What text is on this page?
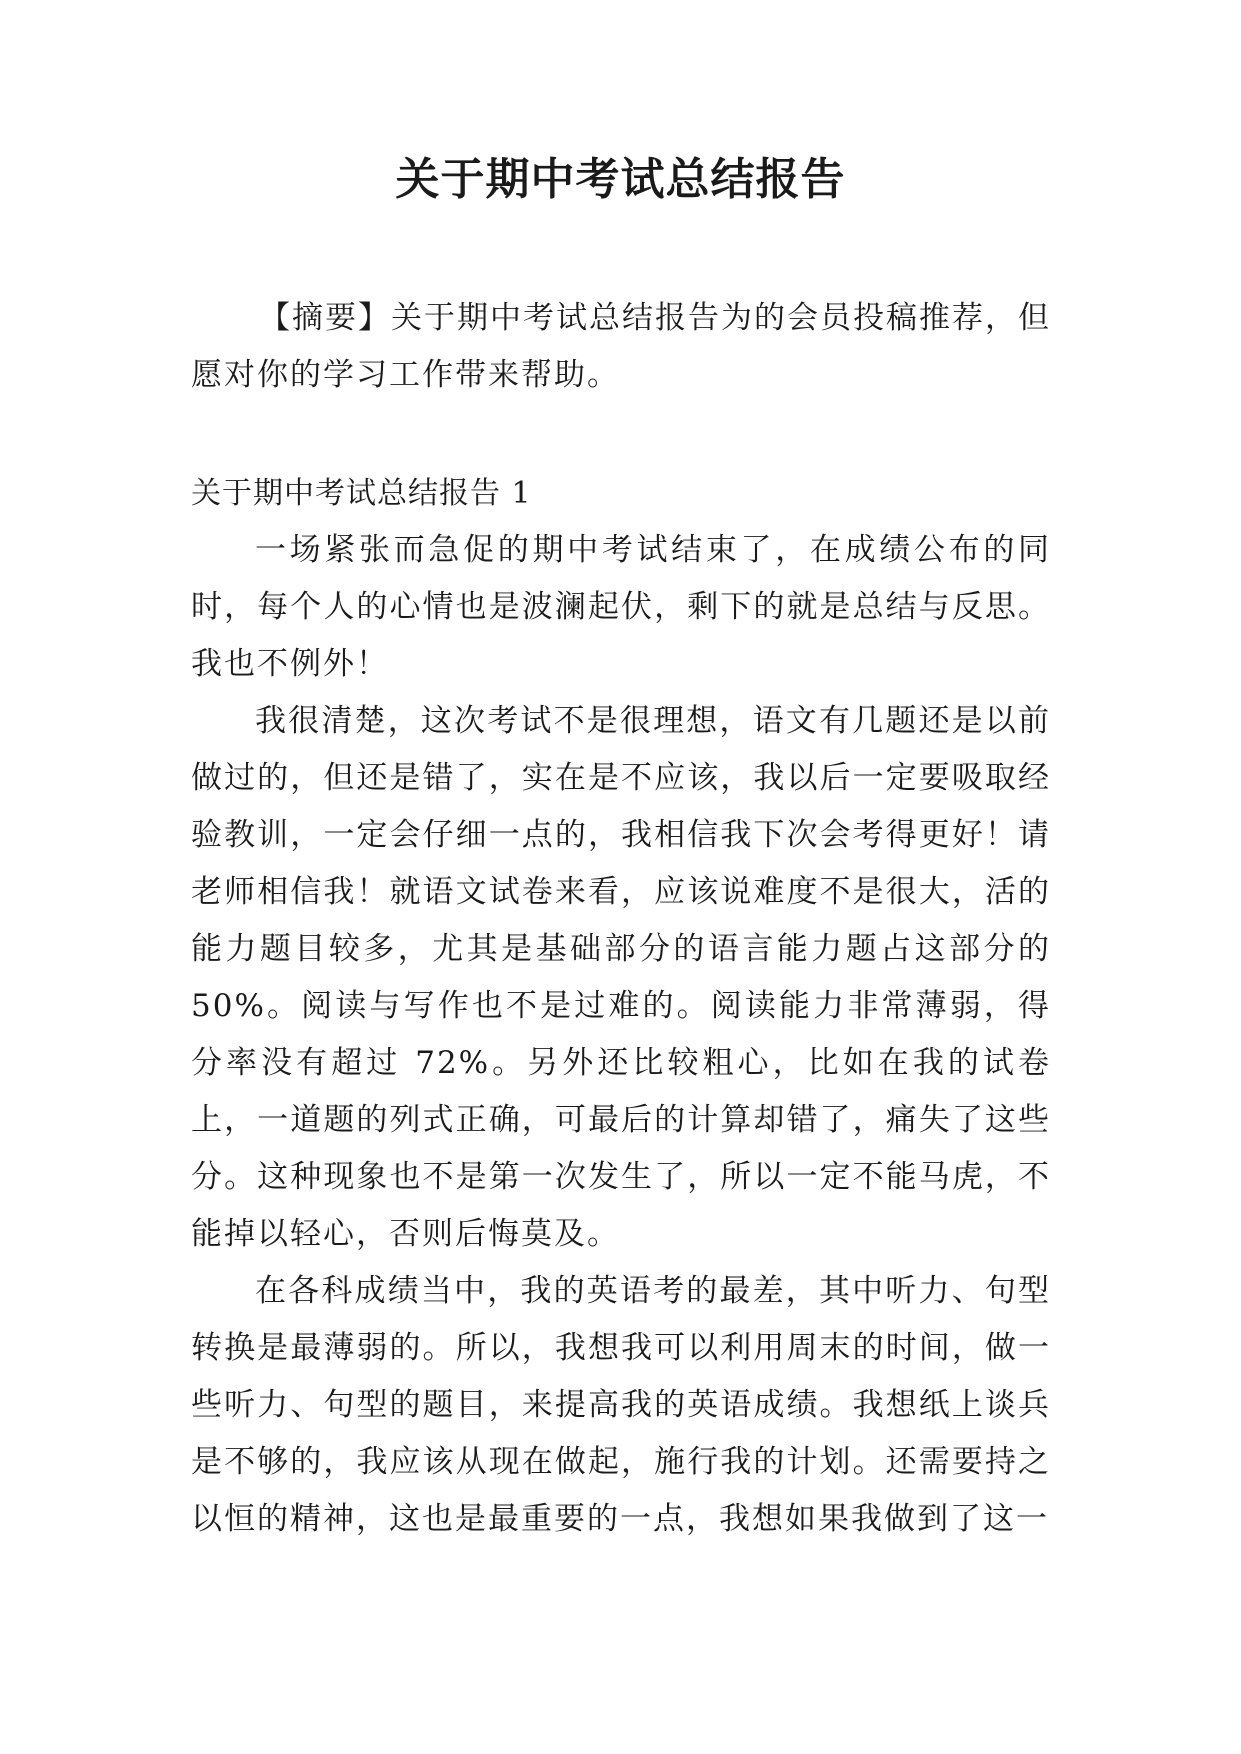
关于期中考试总结报告

【摘要】关于期中考试总结报告为的会员投稿推荐，但愿对你的学习工作带来帮助。

关于期中考试总结报告 1

一场紧张而急促的期中考试结束了，在成绩公布的同时，每个人的心情也是波澜起伏，剩下的就是总结与反思。我也不例外！

我很清楚，这次考试不是很理想，语文有几题还是以前做过的，但还是错了，实在是不应该，我以后一定要吸取经验教训，一定会仔细一点的，我相信我下次会考得更好！请老师相信我！就语文试卷来看，应该说难度不是很大，活的能力题目较多，尤其是基础部分的语言能力题占这部分的50%。阅读与写作也不是过难的。阅读能力非常薄弱，得分率没有超过 72%。另外还比较粗心，比如在我的试卷上，一道题的列式正确，可最后的计算却错了，痛失了这些分。这种现象也不是第一次发生了，所以一定不能马虎，不能掉以轻心，否则后悔莫及。

在各科成绩当中，我的英语考的最差，其中听力、句型转换是最薄弱的。所以，我想我可以利用周末的时间，做一些听力、句型的题目，来提高我的英语成绩。我想纸上谈兵是不够的，我应该从现在做起，施行我的计划。还需要持之以恒的精神，这也是最重要的一点，我想如果我做到了这一
